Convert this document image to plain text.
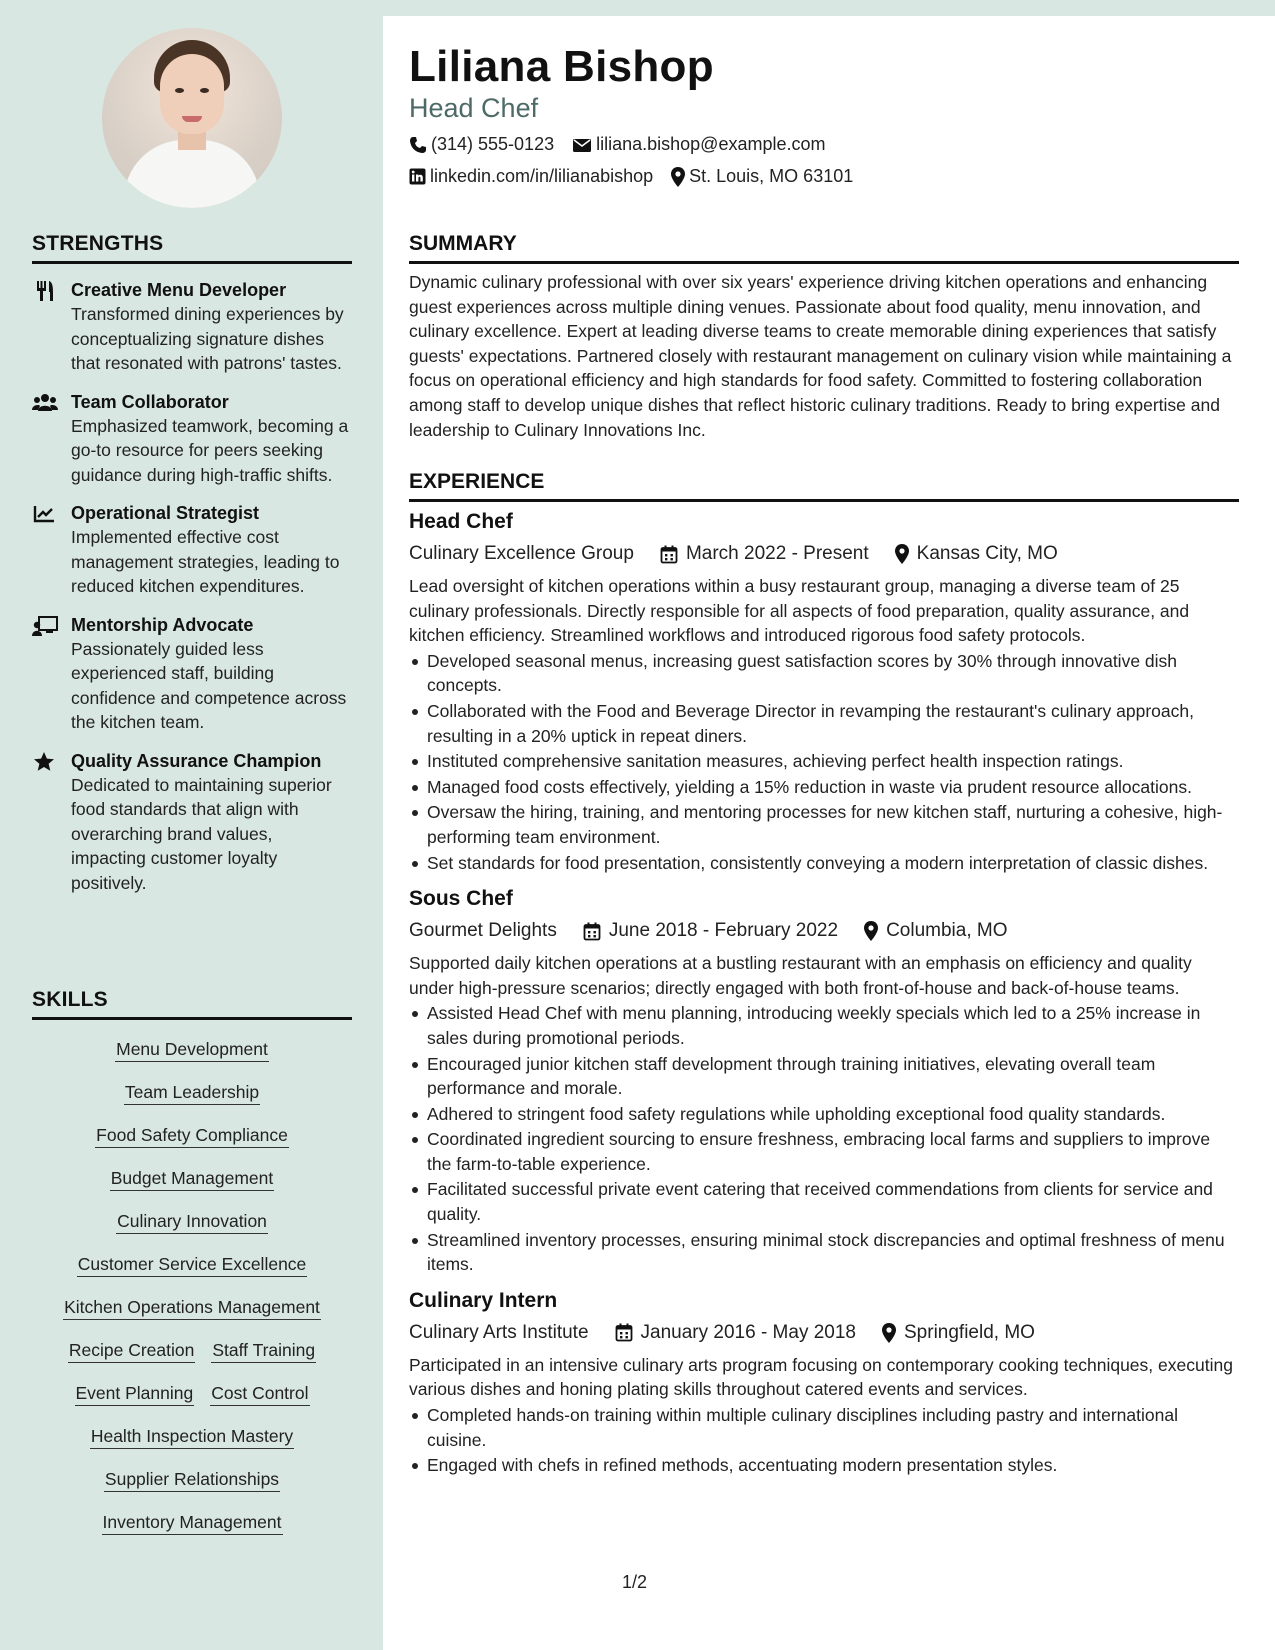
STRENGTHS
Creative Menu Developer
Transformed dining experiences by conceptualizing signature dishes that resonated with patrons' tastes.
Team Collaborator
Emphasized teamwork, becoming a go-to resource for peers seeking guidance during high-traffic shifts.
Operational Strategist
Implemented effective cost management strategies, leading to reduced kitchen expenditures.
Mentorship Advocate
Passionately guided less experienced staff, building confidence and competence across the kitchen team.
Quality Assurance Champion
Dedicated to maintaining superior food standards that align with overarching brand values, impacting customer loyalty positively.
SKILLS
Menu Development
Team Leadership
Food Safety Compliance
Budget Management
Culinary Innovation
Customer Service Excellence
Kitchen Operations Management
Recipe Creation Staff Training
Event Planning Cost Control
Health Inspection Mastery
Supplier Relationships
Inventory Management
Liliana Bishop
Head Chef
(314) 555-0123 liliana.bishop@example.com
linkedin.com/in/lilianabishop St. Louis, MO 63101
SUMMARY

Dynamic culinary professional with over six years' experience driving kitchen operations and enhancing guest experiences across multiple dining venues. Passionate about food quality, menu innovation, and culinary excellence. Expert at leading diverse teams to create memorable dining experiences that satisfy guests' expectations. Partnered closely with restaurant management on culinary vision while maintaining a focus on operational efficiency and high standards for food safety. Committed to fostering collaboration among staff to develop unique dishes that reflect historic culinary traditions. Ready to bring expertise and leadership to Culinary Innovations Inc.

EXPERIENCE
Head Chef
Culinary Excellence Group	March 2022 - Present	Kansas City, MO

Lead oversight of kitchen operations within a busy restaurant group, managing a diverse team of 25 culinary professionals. Directly responsible for all aspects of food preparation, quality assurance, and kitchen efficiency. Streamlined workflows and introduced rigorous food safety protocols.

Developed seasonal menus, increasing guest satisfaction scores by 30% through innovative dish concepts.
Collaborated with the Food and Beverage Director in revamping the restaurant's culinary approach, resulting in a 20% uptick in repeat diners.
Instituted comprehensive sanitation measures, achieving perfect health inspection ratings.
Managed food costs effectively, yielding a 15% reduction in waste via prudent resource allocations.
Oversaw the hiring, training, and mentoring processes for new kitchen staff, nurturing a cohesive, high-performing team environment.
Set standards for food presentation, consistently conveying a modern interpretation of classic dishes.
Sous Chef
Gourmet Delights	June 2018 - February 2022	Columbia, MO

Supported daily kitchen operations at a bustling restaurant with an emphasis on efficiency and quality under high-pressure scenarios; directly engaged with both front-of-house and back-of-house teams.

Assisted Head Chef with menu planning, introducing weekly specials which led to a 25% increase in sales during promotional periods.
Encouraged junior kitchen staff development through training initiatives, elevating overall team performance and morale.
Adhered to stringent food safety regulations while upholding exceptional food quality standards.
Coordinated ingredient sourcing to ensure freshness, embracing local farms and suppliers to improve the farm-to-table experience.
Facilitated successful private event catering that received commendations from clients for service and quality.
Streamlined inventory processes, ensuring minimal stock discrepancies and optimal freshness of menu items.
Culinary Intern
Culinary Arts Institute	January 2016 - May 2018	Springfield, MO

Participated in an intensive culinary arts program focusing on contemporary cooking techniques, executing various dishes and honing plating skills throughout catered events and services.

Completed hands-on training within multiple culinary disciplines including pastry and international cuisine.
Engaged with chefs in refined methods, accentuating modern presentation styles.
1/2
